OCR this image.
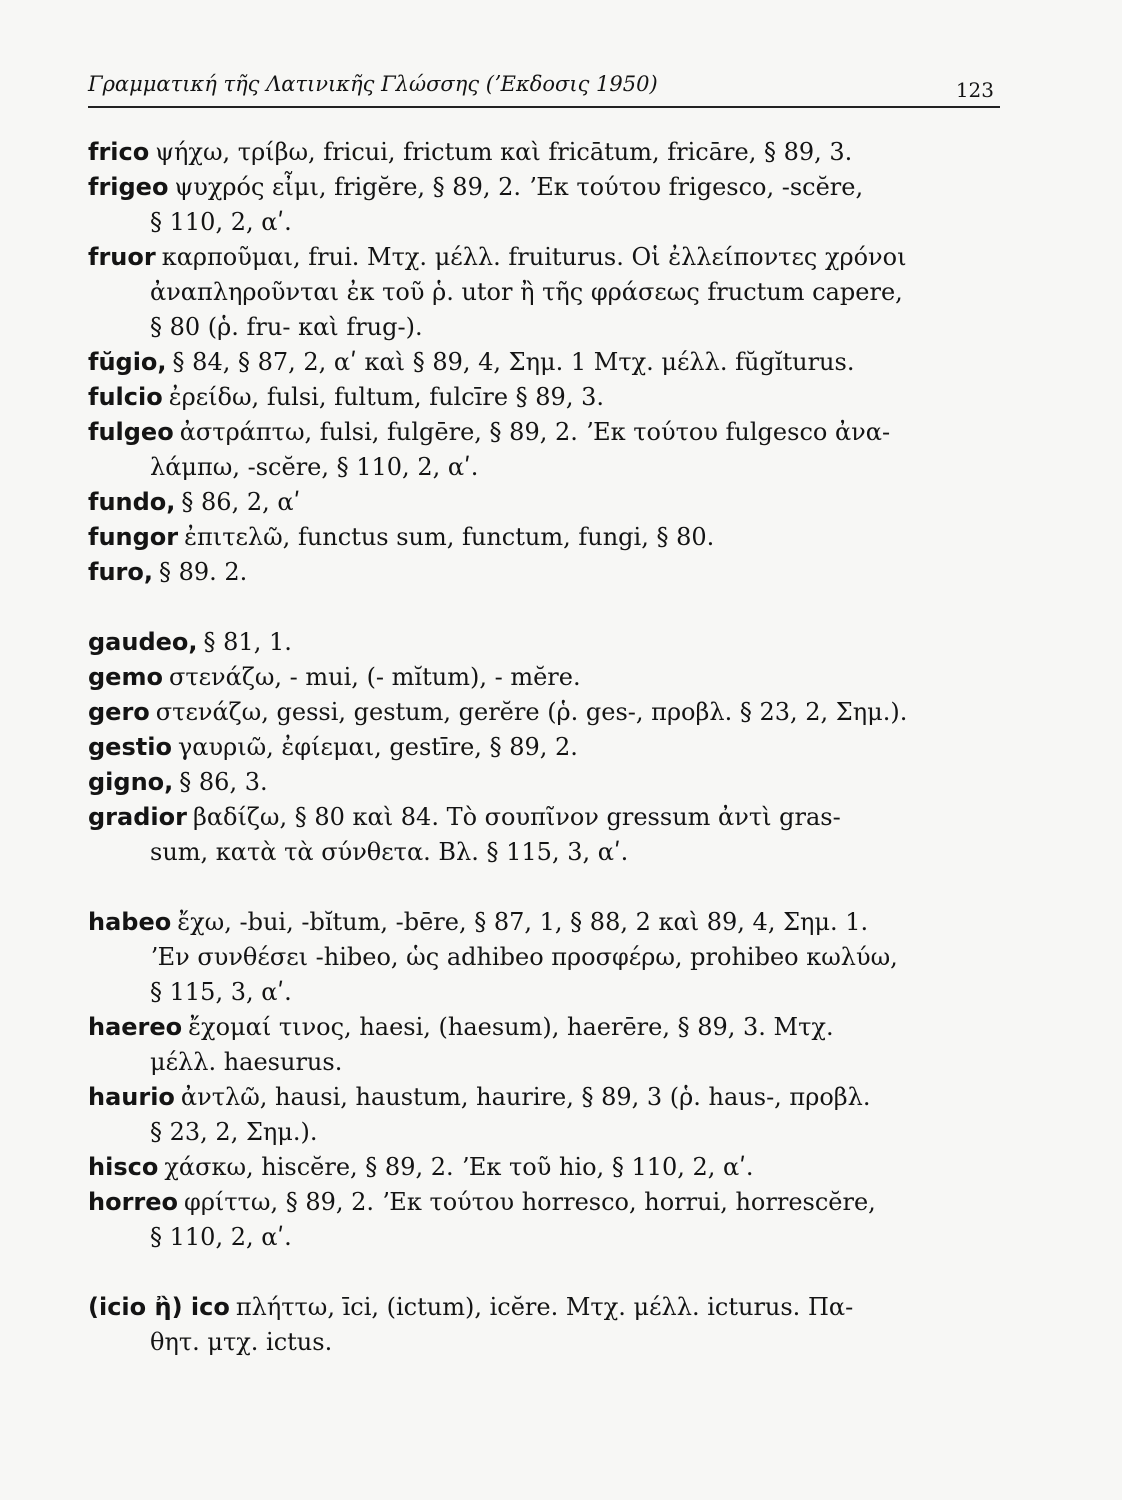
Γραμματική τῆς Λατινικῆς Γλώσσης (ʼΕκδοσις 1950)	123
frico ψήχω, τρίβω, fricui, frictum καὶ fricātum, fricāre, § 89, 3.
frigeo ψυχρός εἶμι, frigĕre, § 89, 2. ʼΕκ τούτου frigesco, -scĕre,
§ 110, 2, αʹ.
fruor καρποῦμαι, frui. Μτχ. μέλλ. fruiturus. Οἱ ἐλλείποντες χρόνοι
ἀναπληροῦνται ἐκ τοῦ ῥ. utor ἢ τῆς φράσεως fructum capere,
§ 80 (ῥ. fru- καὶ frug-).
fŭgio, § 84, § 87, 2, αʹ καὶ § 89, 4, Σημ. 1 Μτχ. μέλλ. fŭgĭturus.
fulcio ἐρείδω, fulsi, fultum, fulcīre § 89, 3.
fulgeo ἀστράπτω, fulsi, fulgēre, § 89, 2. ʼΕκ τούτου fulgesco ἀνα-
λάμπω, -scĕre, § 110, 2, αʹ.
fundo, § 86, 2, αʹ
fungor ἐπιτελῶ, functus sum, functum, fungi, § 80.
furo, § 89. 2.
gaudeo, § 81, 1.
gemo στενάζω, - mui, (- mĭtum), - mĕre.
gero στενάζω, gessi, gestum, gerĕre (ῥ. ges-, προβλ. § 23, 2, Σημ.).
gestio γαυριῶ, ἐφίεμαι, gestīre, § 89, 2.
gigno, § 86, 3.
gradior βαδίζω, § 80 καὶ 84. Τὸ σουπῖνον gressum ἀντὶ gras-
sum, κατὰ τὰ σύνθετα. Βλ. § 115, 3, αʹ.
habeo ἔχω, -bui, -bĭtum, -bēre, § 87, 1, § 88, 2 καὶ 89, 4, Σημ. 1.
ʼΕν συνθέσει -hibeo, ὡς adhibeo προσφέρω, prohibeo κωλύω,
§ 115, 3, αʹ.
haereo ἔχομαί τινος, haesi, (haesum), haerēre, § 89, 3. Μτχ.
μέλλ. haesurus.
haurio ἀντλῶ, hausi, haustum, haurire, § 89, 3 (ῥ. haus-, προβλ.
§ 23, 2, Σημ.).
hisco χάσκω, hiscĕre, § 89, 2. ʼΕκ τοῦ hio, § 110, 2, αʹ.
horreo φρίττω, § 89, 2. ʼΕκ τούτου horresco, horrui, horrescĕre,
§ 110, 2, αʹ.
(icio ἢ) ico πλήττω, īci, (ictum), icĕre. Μτχ. μέλλ. icturus. Πα-
θητ. μτχ. ictus.
